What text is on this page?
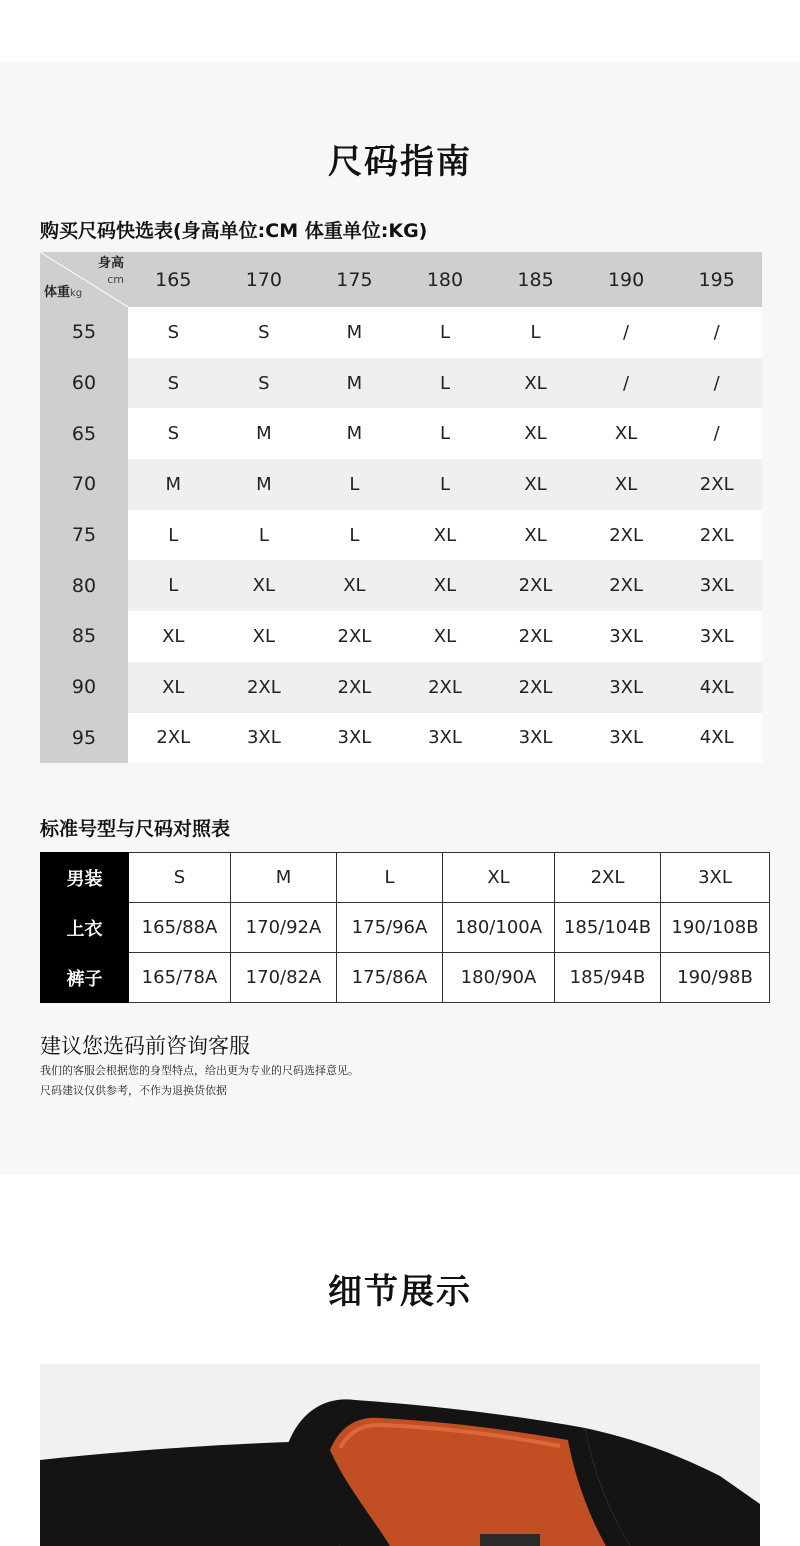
尺码指南
购买尺码快选表(身高单位:CM 体重单位:KG)
身高
cm
体重kg	165	170	175	180	185	190	195
55	S	S	M	L	L	/	/
60	S	S	M	L	XL	/	/
65	S	M	M	L	XL	XL	/
70	M	M	L	L	XL	XL	2XL
75	L	L	L	XL	XL	2XL	2XL
80	L	XL	XL	XL	2XL	2XL	3XL
85	XL	XL	2XL	XL	2XL	3XL	3XL
90	XL	2XL	2XL	2XL	2XL	3XL	4XL
95	2XL	3XL	3XL	3XL	3XL	3XL	4XL
标准号型与尺码对照表
男装	S	M	L	XL	2XL	3XL
上衣	165/88A	170/92A	175/96A	180/100A	185/104B	190/108B
裤子	165/78A	170/82A	175/86A	180/90A	185/94B	190/98B
建议您选码前咨询客服
我们的客服会根据您的身型特点，给出更为专业的尺码选择意见。
尺码建议仅供参考，不作为退换货依据
细节展示
